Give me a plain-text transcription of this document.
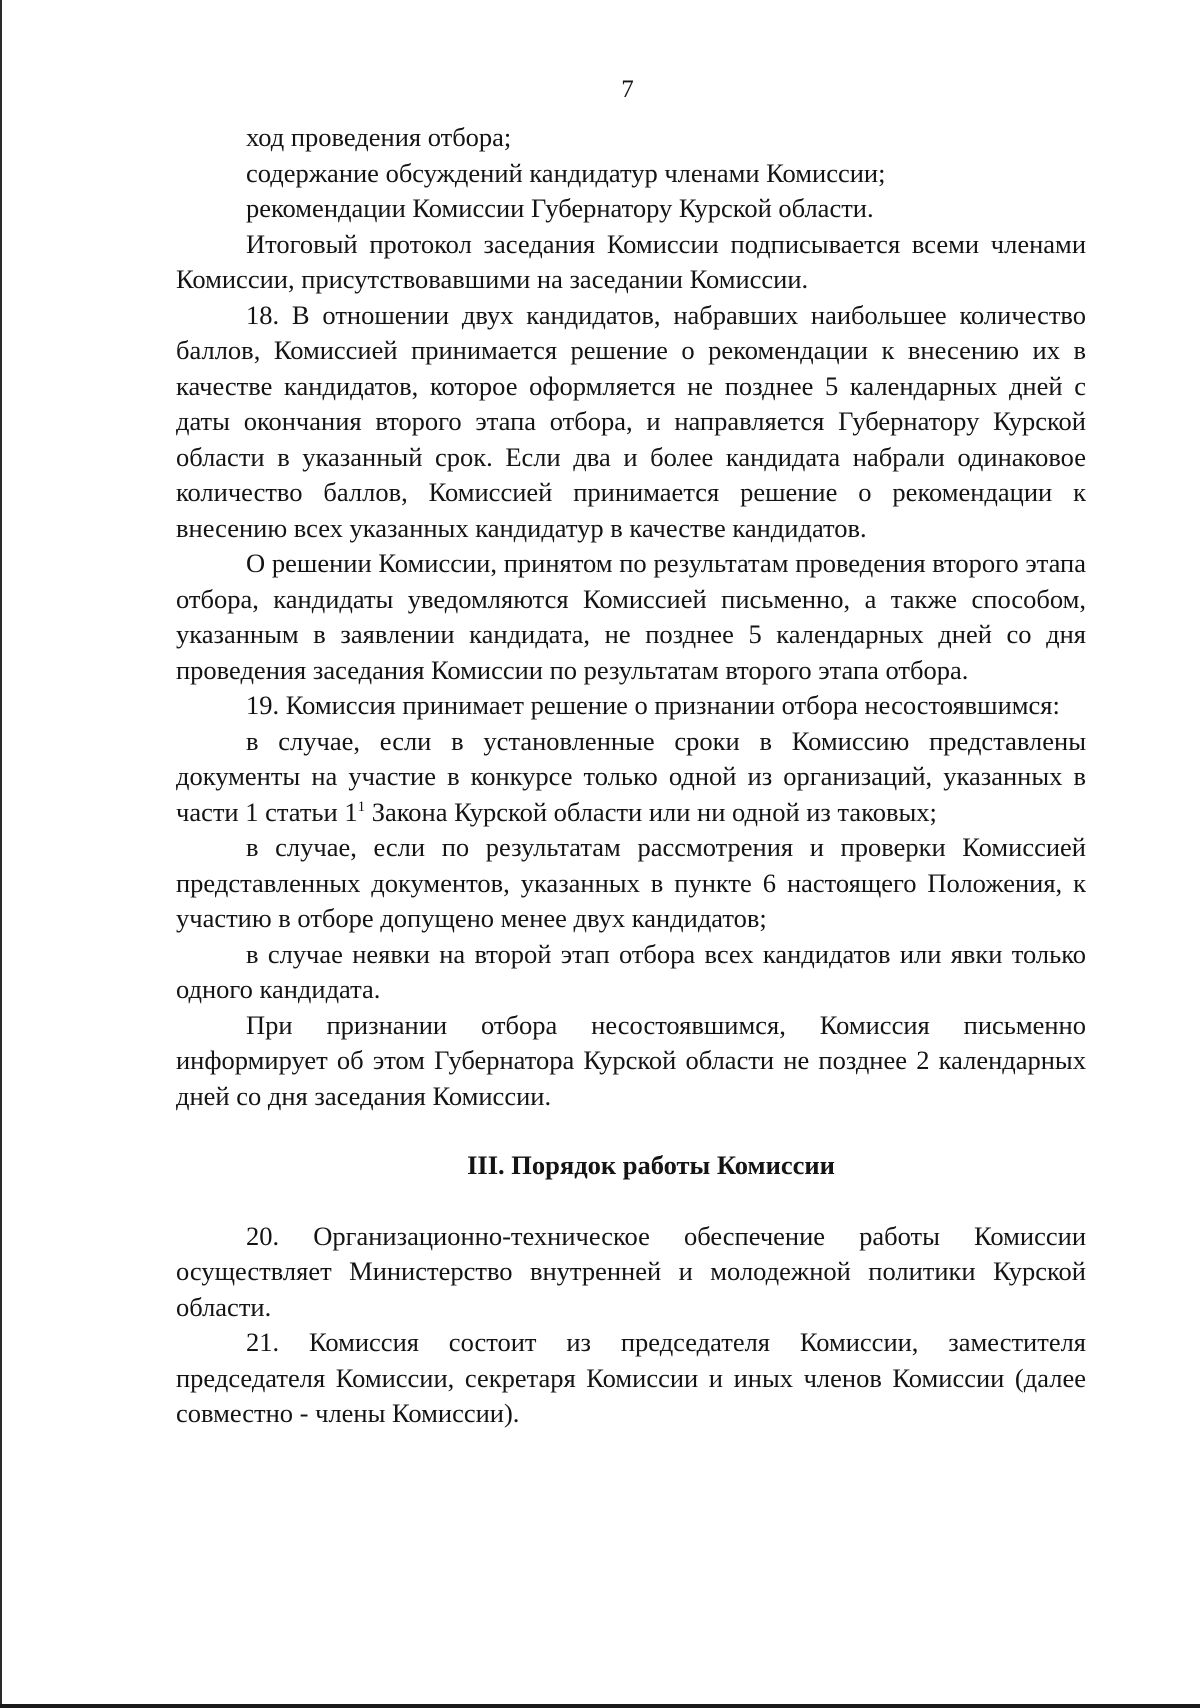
7

ход проведения отбора;

содержание обсуждений кандидатур членами Комиссии;

рекомендации Комиссии Губернатору Курской области.

Итоговый протокол заседания Комиссии подписывается всеми членами Комиссии, присутствовавшими на заседании Комиссии.

18. В отношении двух кандидатов, набравших наибольшее количество баллов, Комиссией принимается решение о рекомендации к внесению их в качестве кандидатов, которое оформляется не позднее 5 календарных дней с даты окончания второго этапа отбора, и направляется Губернатору Курской области в указанный срок. Если два и более кандидата набрали одинаковое количество баллов, Комиссией принимается решение о рекомендации к внесению всех указанных кандидатур в качестве кандидатов.

О решении Комиссии, принятом по результатам проведения второго этапа отбора, кандидаты уведомляются Комиссией письменно, а также способом, указанным в заявлении кандидата, не позднее 5 календарных дней со дня проведения заседания Комиссии по результатам второго этапа отбора.

19. Комиссия принимает решение о признании отбора несостоявшимся:

в случае, если в установленные сроки в Комиссию представлены документы на участие в конкурсе только одной из организаций, указанных в части 1 статьи $1^1$ Закона Курской области или ни одной из таковых;

в случае, если по результатам рассмотрения и проверки Комиссией представленных документов, указанных в пункте 6 настоящего Положения, к участию в отборе допущено менее двух кандидатов;

в случае неявки на второй этап отбора всех кандидатов или явки только одного кандидата.

При признании отбора несостоявшимся, Комиссия письменно информирует об этом Губернатора Курской области не позднее 2 календарных дней со дня заседания Комиссии.

III. Порядок работы Комиссии

20. Организационно-техническое обеспечение работы Комиссии осуществляет Министерство внутренней и молодежной политики Курской области.

21. Комиссия состоит из председателя Комиссии, заместителя председателя Комиссии, секретаря Комиссии и иных членов Комиссии (далее совместно - члены Комиссии).
